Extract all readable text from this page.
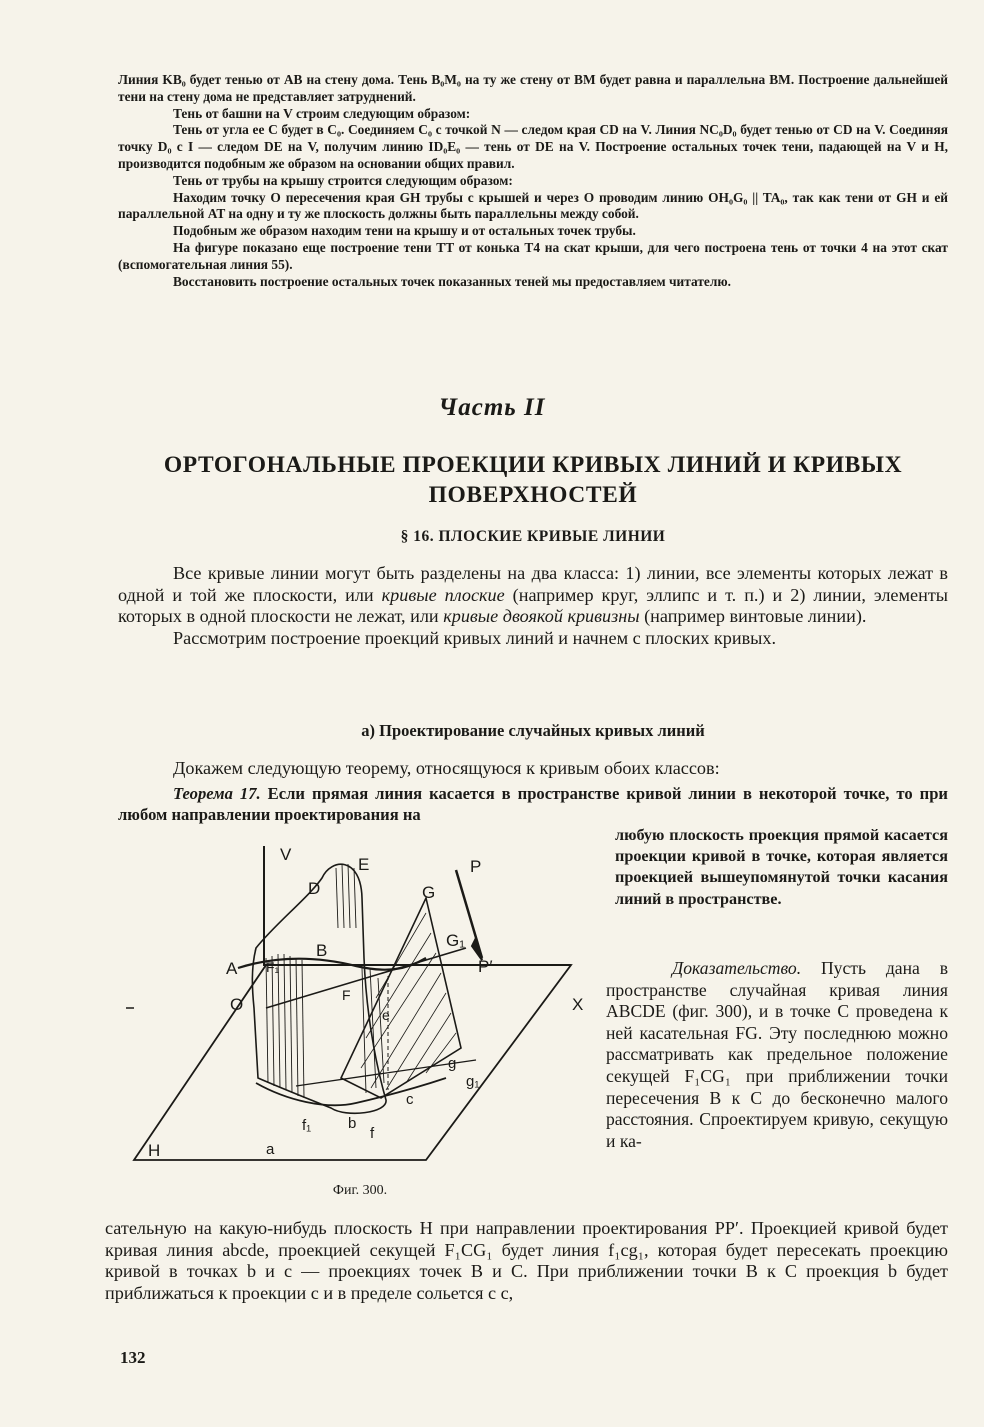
Линия KB₀ будет тенью от AB на стену дома. Тень B₀M₀ на ту же стену от BM будет равна и параллельна BM. Построение дальнейшей тени на стену дома не представляет затруднений.

Тень от башни на V строим следующим образом:

Тень от угла ее C будет в C₀. Соединяем C₀ с точкой N — следом края CD на V. Линия NC₀D₀ будет тенью от CD на V. Соединяя точку D₀ с I — следом DE на V, получим линию ID₀E₀ — тень от DE на V. Построение остальных точек тени, падающей на V и H, производится подобным же образом на основании общих правил.

Тень от трубы на крышу строится следующим образом:

Находим точку O пересечения края GH трубы с крышей и через O проводим линию OH₀G₀ || TA₀, так как тени от GH и ей параллельной AT на одну и ту же плоскость должны быть параллельны между собой.

Подобным же образом находим тени на крышу и от остальных точек трубы.

На фигуре показано еще построение тени TT от конька T4 на скат крыши, для чего построена тень от точки 4 на этот скат (вспомогательная линия 55).

Восстановить построение остальных точек показанных теней мы предоставляем читателю.

Часть II
ОРТОГОНАЛЬНЫЕ ПРОЕКЦИИ КРИВЫХ ЛИНИЙ И КРИВЫХ ПОВЕРХНОСТЕЙ
§ 16. ПЛОСКИЕ КРИВЫЕ ЛИНИИ

Все кривые линии могут быть разделены на два класса: 1) линии, все элементы которых лежат в одной и той же плоскости, или кривые плоские (например круг, эллипс и т. п.) и 2) линии, элементы которых в одной плоскости не лежат, или кривые двоякой кривизны (например винтовые линии).

Рассмотрим построение проекций кривых линий и начнем с плоских кривых.

а) Проектирование случайных кривых линий

Докажем следующую теорему, относящуюся к кривым обоих классов:

Теорема 17. Если прямая линия касается в пространстве кривой линии в некоторой точке, то при любом направлении проектирования на

любую плоскость проекция прямой касается проекции кривой в точке, которая является проекцией вышеупомянутой точки касания линий в пространстве.
Доказательство. Пусть дана в пространстве случайная кривая линия ABCDE (фиг. 300), и в точке C проведена к ней касательная FG. Эту последнюю можно рассматривать как предельное положение секущей F₁CG₁ при приближении точки пересечения B к C до бесконечно малого расстояния. Спроектируем кривую, секущую и ка-
V
E	P
D	G
G₁
P′
B
A F₁
F
O	X
e
g
g₁
c
f₁ b
f
H	a
Фиг. 300.
сательную на какую-нибудь плоскость H при направлении проектирования PP′. Проекцией кривой будет кривая линия abcde, проекцией секущей F₁CG₁ будет линия f₁cg₁, которая будет пересекать проекцию кривой в точках b и c — проекциях точек B и C. При приближении точки B к C проекция b будет приближаться к проекции c и в пределе сольется с c,
132
